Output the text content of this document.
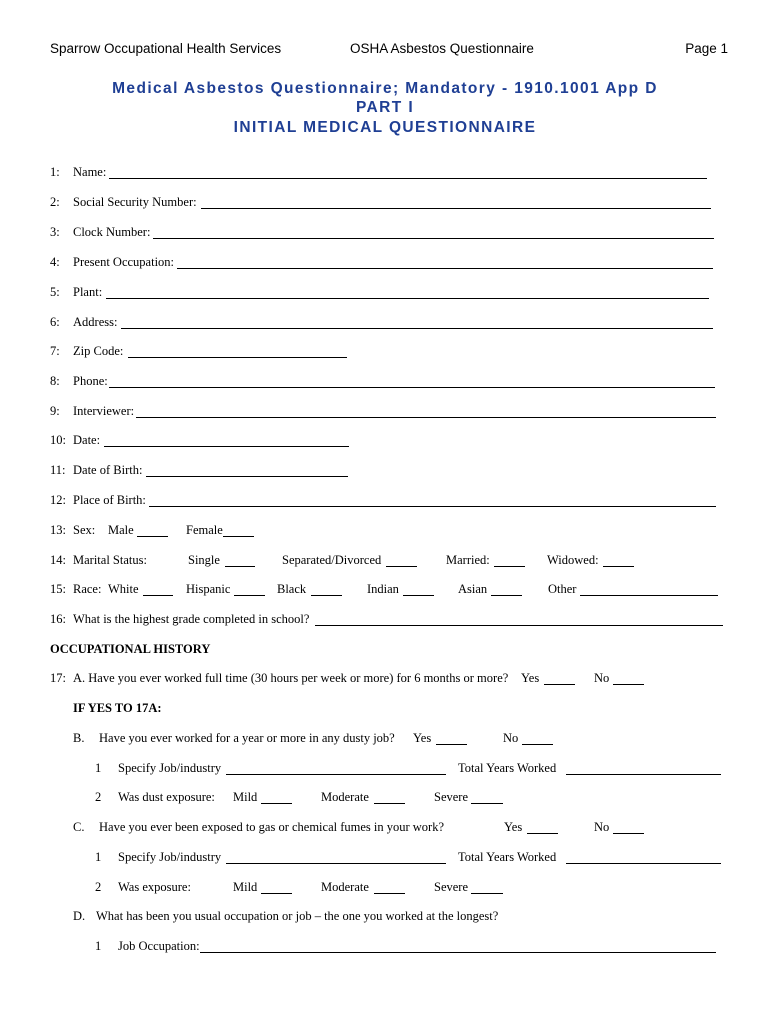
Sparrow Occupational Health Services	OSHA Asbestos Questionnaire	Page 1
Medical Asbestos Questionnaire; Mandatory - 1910.1001 App D
PART I
INITIAL MEDICAL QUESTIONNAIRE
1: Name:
2: Social Security Number:
3: Clock Number:
4: Present Occupation:
5: Plant:
6: Address:
7: Zip Code:
8: Phone:
9: Interviewer:
10: Date:
11: Date of Birth:
12: Place of Birth:
13: Sex: Male	Female
14: Marital Status:	Single	Separated/Divorced	Married:	Widowed:
15: Race: White	Hispanic	Black	Indian	Asian	Other
16: What is the highest grade completed in school?
OCCUPATIONAL HISTORY
17: A. Have you ever worked full time (30 hours per week or more) for 6 months or more? Yes	No
IF YES TO 17A:
B. Have you ever worked for a year or more in any dusty job? Yes	No
1 Specify Job/industry	Total Years Worked
2 Was dust exposure: Mild	Moderate	Severe
C. Have you ever been exposed to gas or chemical fumes in your work?	Yes	No
1 Specify Job/industry	Total Years Worked
2 Was exposure:	Mild	Moderate	Severe
D. What has been you usual occupation or job – the one you worked at the longest?
1 Job Occupation:
